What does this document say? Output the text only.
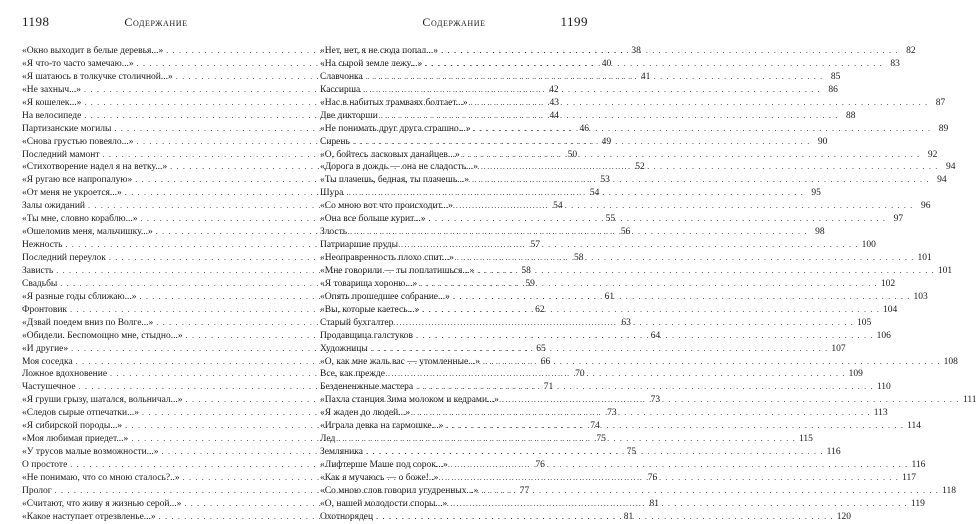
1198	Содержание
«Окно выходит в белые деревья...» . . .	38
«Я что-то часто замечаю...» . . .	40
«Я шатаюсь в толкучке столичной...» . . .	41
«Не захныч...» . . .	42
«Я кошелек...» . . .	43
На велосипеде . . .	44
Партизанские могилы . . .	46
«Снова грустью повеяло...» . . .	49
Последний мамонт . . .	50
«Стихотворение надел я на ветку...» . . .	52
«Я ругаю все напропалую» . . .	53
«От меня не укроется...» . . .	54
Залы ожиданий . . .	54
«Ты мне, словно кораблю...» . . .	55
«Ошеломив меня, мальчишку...» . . .	56
Нежность . . .	57
Последний переулок . . .	58
Зависть . . .	58
Свадьбы . . .	59
«Я разные годы сближаю...» . . .	61
Фронтовик . . .	62
«Дзвай поедем вниз по Волге...» . . .	63
«Обидели. Беспомощно мне, стыдно...» . . .	64
«И другие» . . .	65
Моя соседка . . .	66
Ложное вдохновение . . .	70
Частушечное . . .	71
«Я груши грызу, шатался, вольничал...» . . .	73
«Следов сырые отпечатки...» . . .	73
«Я сибирской породы...» . . .	74
«Моя любимая приедет...» . . .	75
«У трусов малые возможности...» . . .	75
О простоте . . .	76
«Не понимаю, что со мною сталось?..» . . .	76
Пролог . . .	77
«Считают, что живу я жизнью серой...» . . .	81
«Какое наступает отрезвленье...» . . .	81
Содержание	1199
«Нет, нет, я не сюда попал...» . . .	82
«На сырой земле лежу...» . . .	83
Славчонка . . .	85
Кассирша . . .	86
«Нас в набитых трамваях болтает...» . . .	87
Две дикторши . . .	88
«Не понимать друг друга страшно...» . . .	89
Сирень . . .	90
«О, бойтесь ласковых данайцев...» . . .	92
«Дорога в дождь — она не сладость...» . . .	94
«Ты плачешь, бедная, ты плачешь...» . . .	94
Шура . . .	95
«Со мною вот что происходит...» . . .	96
«Она все больше курит...» . . .	97
Злость . . .	98
Патриаршие пруды . . .	100
«Неоправренность плохо спит...» . . .	101
«Мне говорили — ты поплатишься...» . . .	101
«Я товарища хороню...» . . .	102
«Опять прошедшее собрание...» . . .	103
«Вы, которые каетесь...» . . .	104
Старый бухгалтер . . .	105
Продавщица галстуков . . .	106
Художницы . . .	107
«О, как мне жаль вас — утомленные...» . . .	108
Все, как прежде . . .	109
Бездененжные мастера . . .	110
«Пахла станция Зима молоком и кедрами...» . . .	111
«Я жаден до людей...» . . .	113
«Играла девка на гармошке...» . . .	114
Лед . . .	115
Земляника . . .	116
«Лифтерше Маше под сорок...» . . .	116
«Как я мучаюсь — о боже!..» . . .	117
«Со мною слов говорил угудренных...» . . .	118
«О, нашей молодости споры...» . . .	119
Охотнорядец . . .	120
